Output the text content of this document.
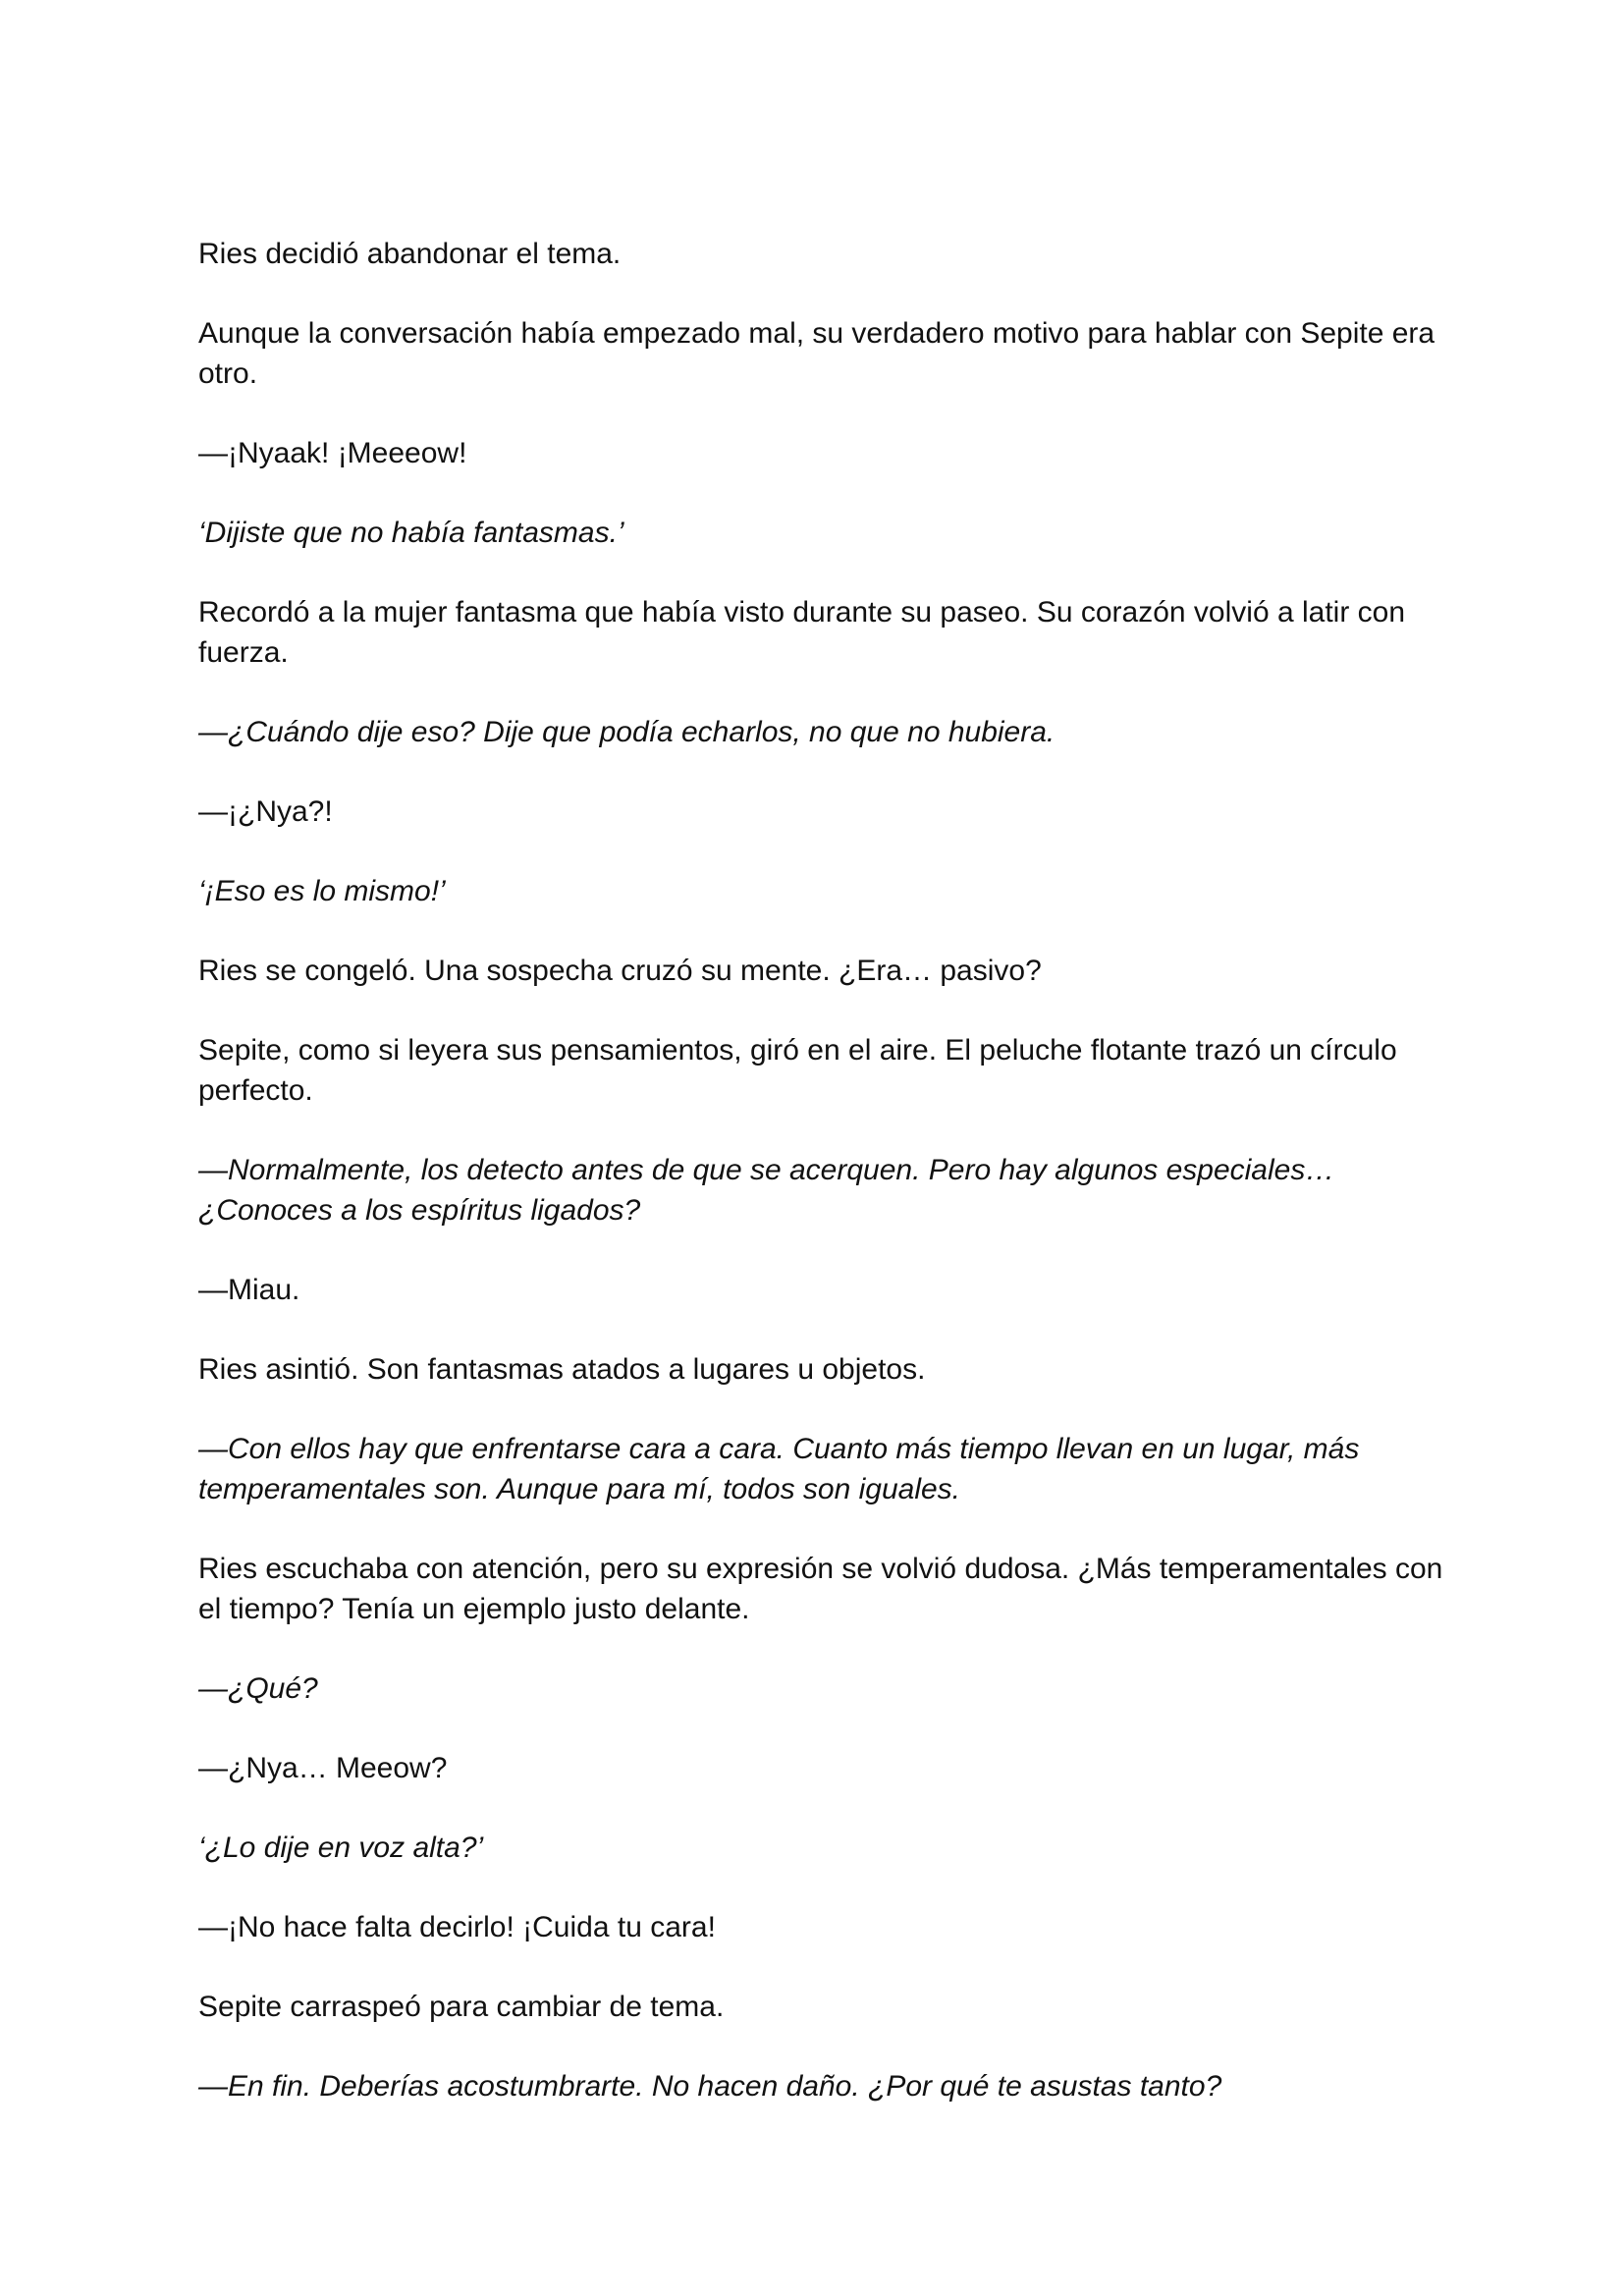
Ries decidió abandonar el tema.

Aunque la conversación había empezado mal, su verdadero motivo para hablar con Sepite era otro.

—¡Nyaak! ¡Meeeow!

‘Dijiste que no había fantasmas.’

Recordó a la mujer fantasma que había visto durante su paseo. Su corazón volvió a latir con fuerza.

—¿Cuándo dije eso? Dije que podía echarlos, no que no hubiera.

—¡¿Nya?!

‘¡Eso es lo mismo!’

Ries se congeló. Una sospecha cruzó su mente. ¿Era… pasivo?

Sepite, como si leyera sus pensamientos, giró en el aire. El peluche flotante trazó un círculo perfecto.

—Normalmente, los detecto antes de que se acerquen. Pero hay algunos especiales… ¿Conoces a los espíritus ligados?

—Miau.

Ries asintió. Son fantasmas atados a lugares u objetos.

—Con ellos hay que enfrentarse cara a cara. Cuanto más tiempo llevan en un lugar, más temperamentales son. Aunque para mí, todos son iguales.

Ries escuchaba con atención, pero su expresión se volvió dudosa. ¿Más temperamentales con el tiempo? Tenía un ejemplo justo delante.

—¿Qué?

—¿Nya… Meeow?

‘¿Lo dije en voz alta?’

—¡No hace falta decirlo! ¡Cuida tu cara!

Sepite carraspeó para cambiar de tema.

—En fin. Deberías acostumbrarte. No hacen daño. ¿Por qué te asustas tanto?
